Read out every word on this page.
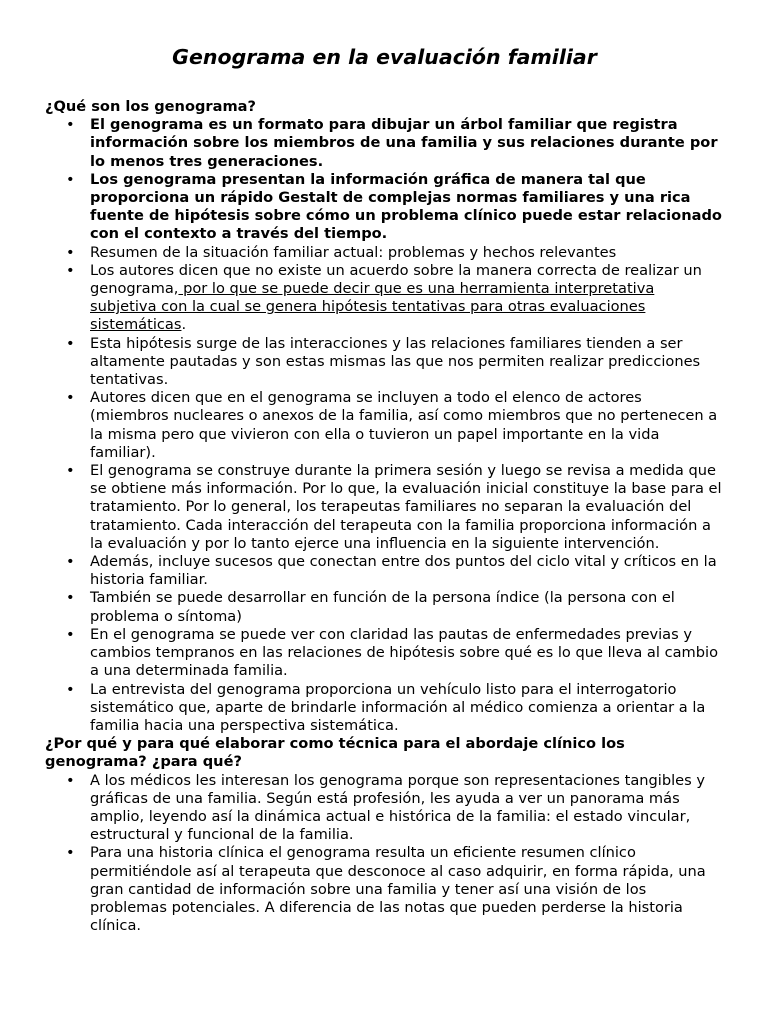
Genograma en la evaluación familiar

¿Qué son los genograma?

• El genograma es un formato para dibujar un árbol familiar que registra información sobre los miembros de una familia y sus relaciones durante por lo menos tres generaciones.
• Los genograma presentan la información gráfica de manera tal que proporciona un rápido Gestalt de complejas normas familiares y una rica fuente de hipótesis sobre cómo un problema clínico puede estar relacionado con el contexto a través del tiempo.
• Resumen de la situación familiar actual: problemas y hechos relevantes
• Los autores dicen que no existe un acuerdo sobre la manera correcta de realizar un genograma, por lo que se puede decir que es una herramienta interpretativa subjetiva con la cual se genera hipótesis tentativas para otras evaluaciones sistemáticas.
• Esta hipótesis surge de las interacciones y las relaciones familiares tienden a ser altamente pautadas y son estas mismas las que nos permiten realizar predicciones tentativas.
• Autores dicen que en el genograma se incluyen a todo el elenco de actores (miembros nucleares o anexos de la familia, así como miembros que no pertenecen a la misma pero que vivieron con ella o tuvieron un papel importante en la vida familiar).
• El genograma se construye durante la primera sesión y luego se revisa a medida que se obtiene más información. Por lo que, la evaluación inicial constituye la base para el tratamiento. Por lo general, los terapeutas familiares no separan la evaluación del tratamiento. Cada interacción del terapeuta con la familia proporciona información a la evaluación y por lo tanto ejerce una influencia en la siguiente intervención.
• Además, incluye sucesos que conectan entre dos puntos del ciclo vital y críticos en la historia familiar.
• También se puede desarrollar en función de la persona índice (la persona con el problema o síntoma)
• En el genograma se puede ver con claridad las pautas de enfermedades previas y cambios tempranos en las relaciones de hipótesis sobre qué es lo que lleva al cambio a una determinada familia.
• La entrevista del genograma proporciona un vehículo listo para el interrogatorio sistemático que, aparte de brindarle información al médico comienza a orientar a la familia hacia una perspectiva sistemática.

¿Por qué y para qué elaborar como técnica para el abordaje clínico los genograma? ¿para qué?

• A los médicos les interesan los genograma porque son representaciones tangibles y gráficas de una familia. Según está profesión, les ayuda a ver un panorama más amplio, leyendo así la dinámica actual e histórica de la familia: el estado vincular, estructural y funcional de la familia.
• Para una historia clínica el genograma resulta un eficiente resumen clínico permitiéndole así al terapeuta que desconoce al caso adquirir, en forma rápida, una gran cantidad de información sobre una familia y tener así una visión de los problemas potenciales. A diferencia de las notas que pueden perderse la historia clínica.
